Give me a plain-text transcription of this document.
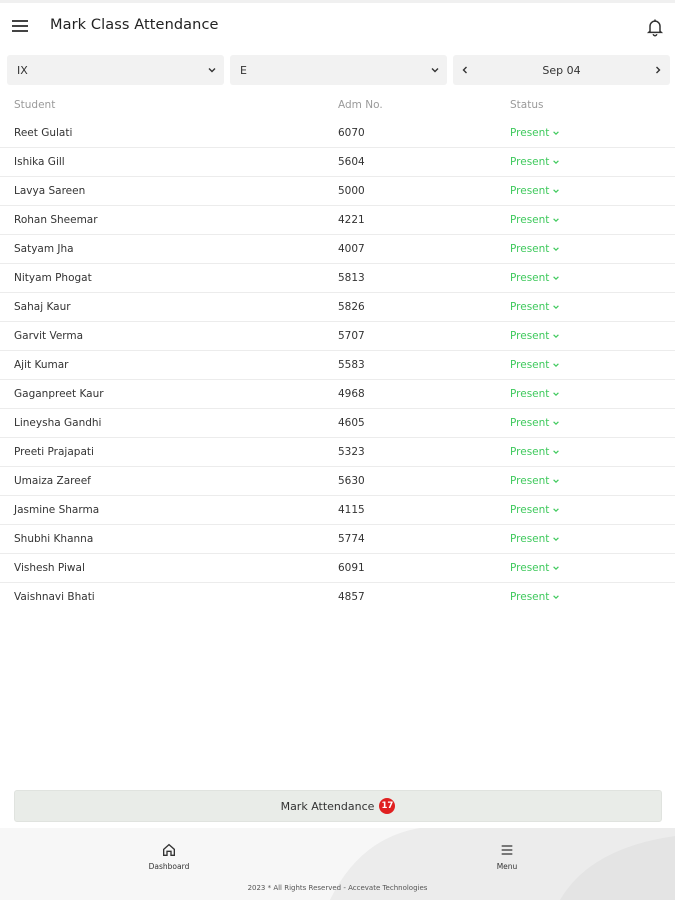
Mark Class Attendance
IX	E	Sep 04
Student	Adm No.	Status
Reet Gulati	6070	Present
Ishika Gill	5604	Present
Lavya Sareen	5000	Present
Rohan Sheemar	4221	Present
Satyam Jha	4007	Present
Nityam Phogat	5813	Present
Sahaj Kaur	5826	Present
Garvit Verma	5707	Present
Ajit Kumar	5583	Present
Gaganpreet Kaur	4968	Present
Lineysha Gandhi	4605	Present
Preeti Prajapati	5323	Present
Umaiza Zareef	5630	Present
Jasmine Sharma	4115	Present
Shubhi Khanna	5774	Present
Vishesh Piwal	6091	Present
Vaishnavi Bhati	4857	Present
Mark Attendance 17
Dashboard	Menu
2023 * All Rights Reserved - Accevate Technologies
